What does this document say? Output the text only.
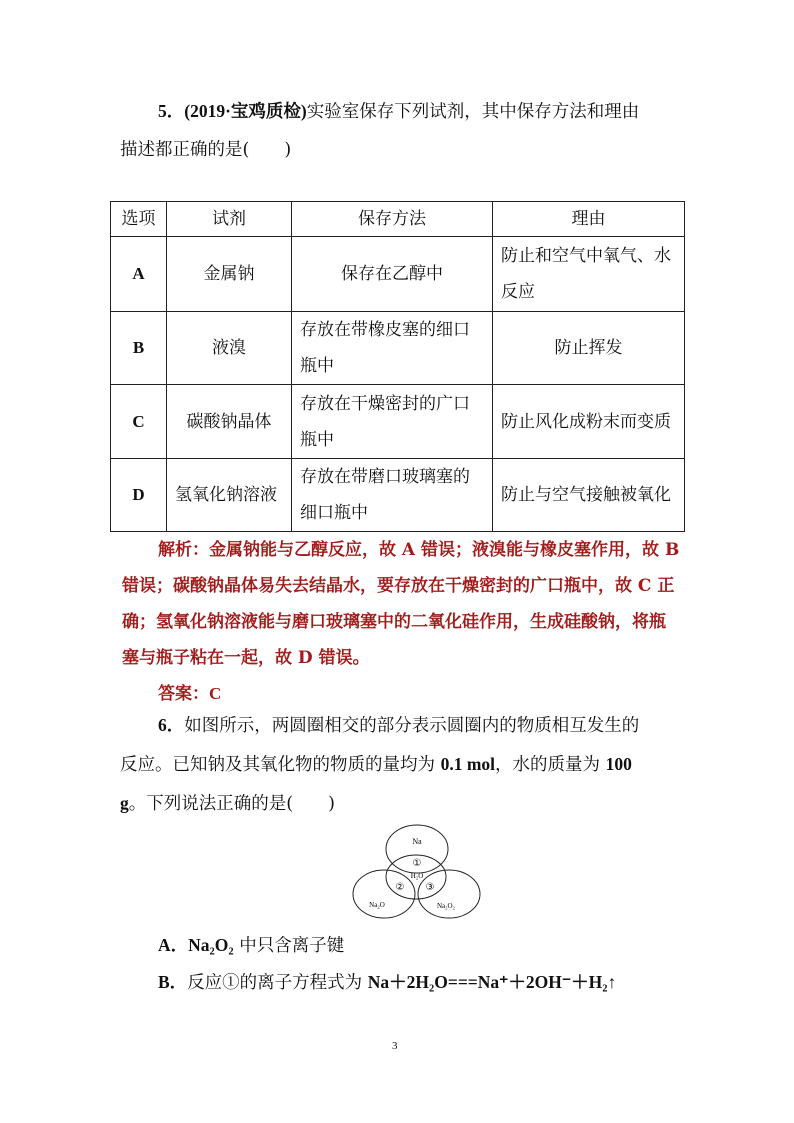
5．(2019·宝鸡质检)实验室保存下列试剂，其中保存方法和理由
描述都正确的是(　　)
选项	试剂	保存方法	理由
A	金属钠	保存在乙醇中	防止和空气中氧气、水反应
B	液溴	存放在带橡皮塞的细口瓶中	防止挥发
C	碳酸钠晶体	存放在干燥密封的广口瓶中	防止风化成粉末而变质
D	氢氧化钠溶液	存放在带磨口玻璃塞的细口瓶中	防止与空气接触被氧化
解析：金属钠能与乙醇反应，故 A 错误；液溴能与橡皮塞作用，故 B 错误；碳酸钠晶体易失去结晶水，要存放在干燥密封的广口瓶中，故 C 正确；氢氧化钠溶液能与磨口玻璃塞中的二氧化硅作用，生成硅酸钠，将瓶塞与瓶子粘在一起，故 D 错误。
答案：C
6．如图所示，两圆圈相交的部分表示圆圈内的物质相互发生的
反应。已知钠及其氧化物的物质的量均为 0.1 mol，水的质量为 100
g。下列说法正确的是(　　)
Na
①
H₂O
② ③
Na₂O	Na₂O₂
A．Na₂O₂ 中只含离子键
B．反应①的离子方程式为 Na＋2H₂O===Na⁺＋2OH⁻＋H₂↑
3
